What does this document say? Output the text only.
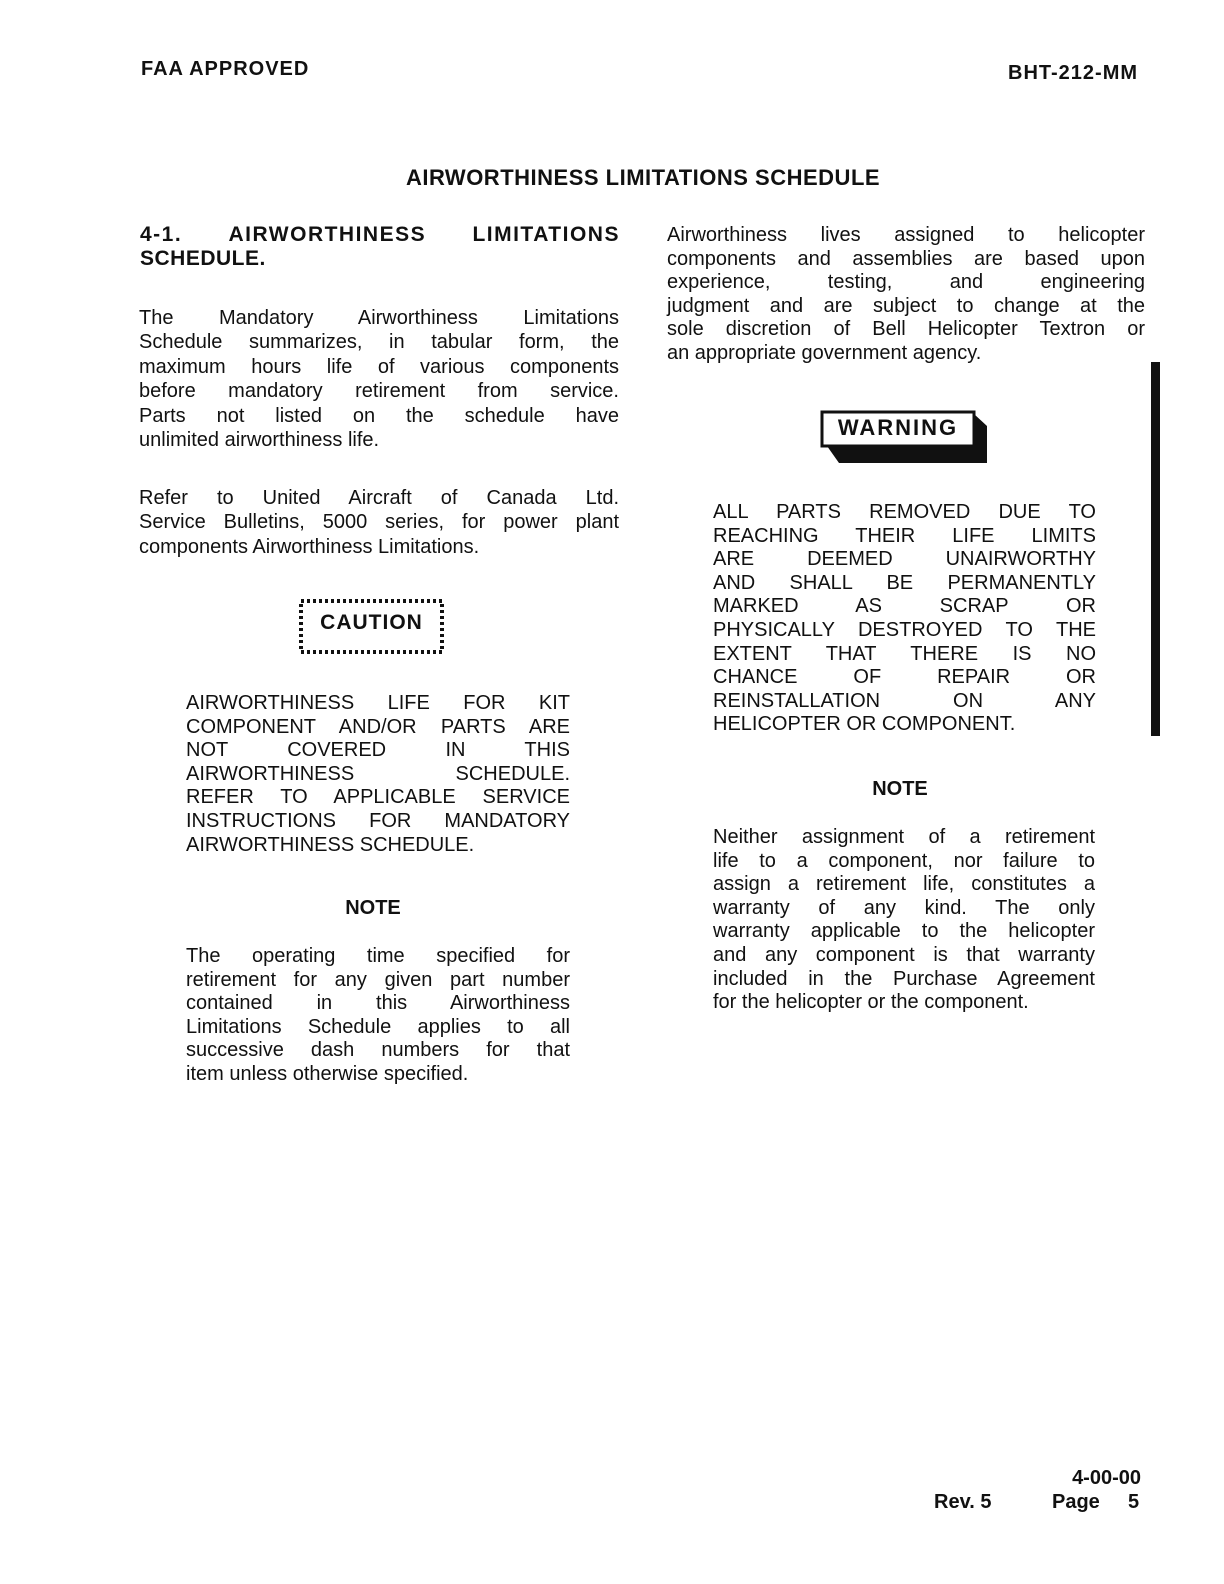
FAA APPROVED	BHT-212-MM
AIRWORTHINESS LIMITATIONS SCHEDULE
4-1. AIRWORTHINESS LIMITATIONS
SCHEDULE.
The Mandatory Airworthiness Limitations
Schedule summarizes, in tabular form, the
maximum hours life of various components
before mandatory retirement from service.
Parts not listed on the schedule have
unlimited airworthiness life.
Refer to United Aircraft of Canada Ltd.
Service Bulletins, 5000 series, for power plant
components Airworthiness Limitations.
CAUTION
AIRWORTHINESS LIFE FOR KIT
COMPONENT AND/OR PARTS ARE
NOT COVERED IN THIS
AIRWORTHINESS SCHEDULE.
REFER TO APPLICABLE SERVICE
INSTRUCTIONS FOR MANDATORY
AIRWORTHINESS SCHEDULE.
NOTE
The operating time specified for
retirement for any given part number
contained in this Airworthiness
Limitations Schedule applies to all
successive dash numbers for that
item unless otherwise specified.
Airworthiness lives assigned to helicopter
components and assemblies are based upon
experience, testing, and engineering
judgment and are subject to change at the
sole discretion of Bell Helicopter Textron or
an appropriate government agency.
WARNING
ALL PARTS REMOVED DUE TO
REACHING THEIR LIFE LIMITS
ARE DEEMED UNAIRWORTHY
AND SHALL BE PERMANENTLY
MARKED AS SCRAP OR
PHYSICALLY DESTROYED TO THE
EXTENT THAT THERE IS NO
CHANCE OF REPAIR OR
REINSTALLATION ON ANY
HELICOPTER OR COMPONENT.
NOTE
Neither assignment of a retirement
life to a component, nor failure to
assign a retirement life, constitutes a
warranty of any kind. The only
warranty applicable to the helicopter
and any component is that warranty
included in the Purchase Agreement
for the helicopter or the component.
4-00-00
Rev. 5	Page 5
